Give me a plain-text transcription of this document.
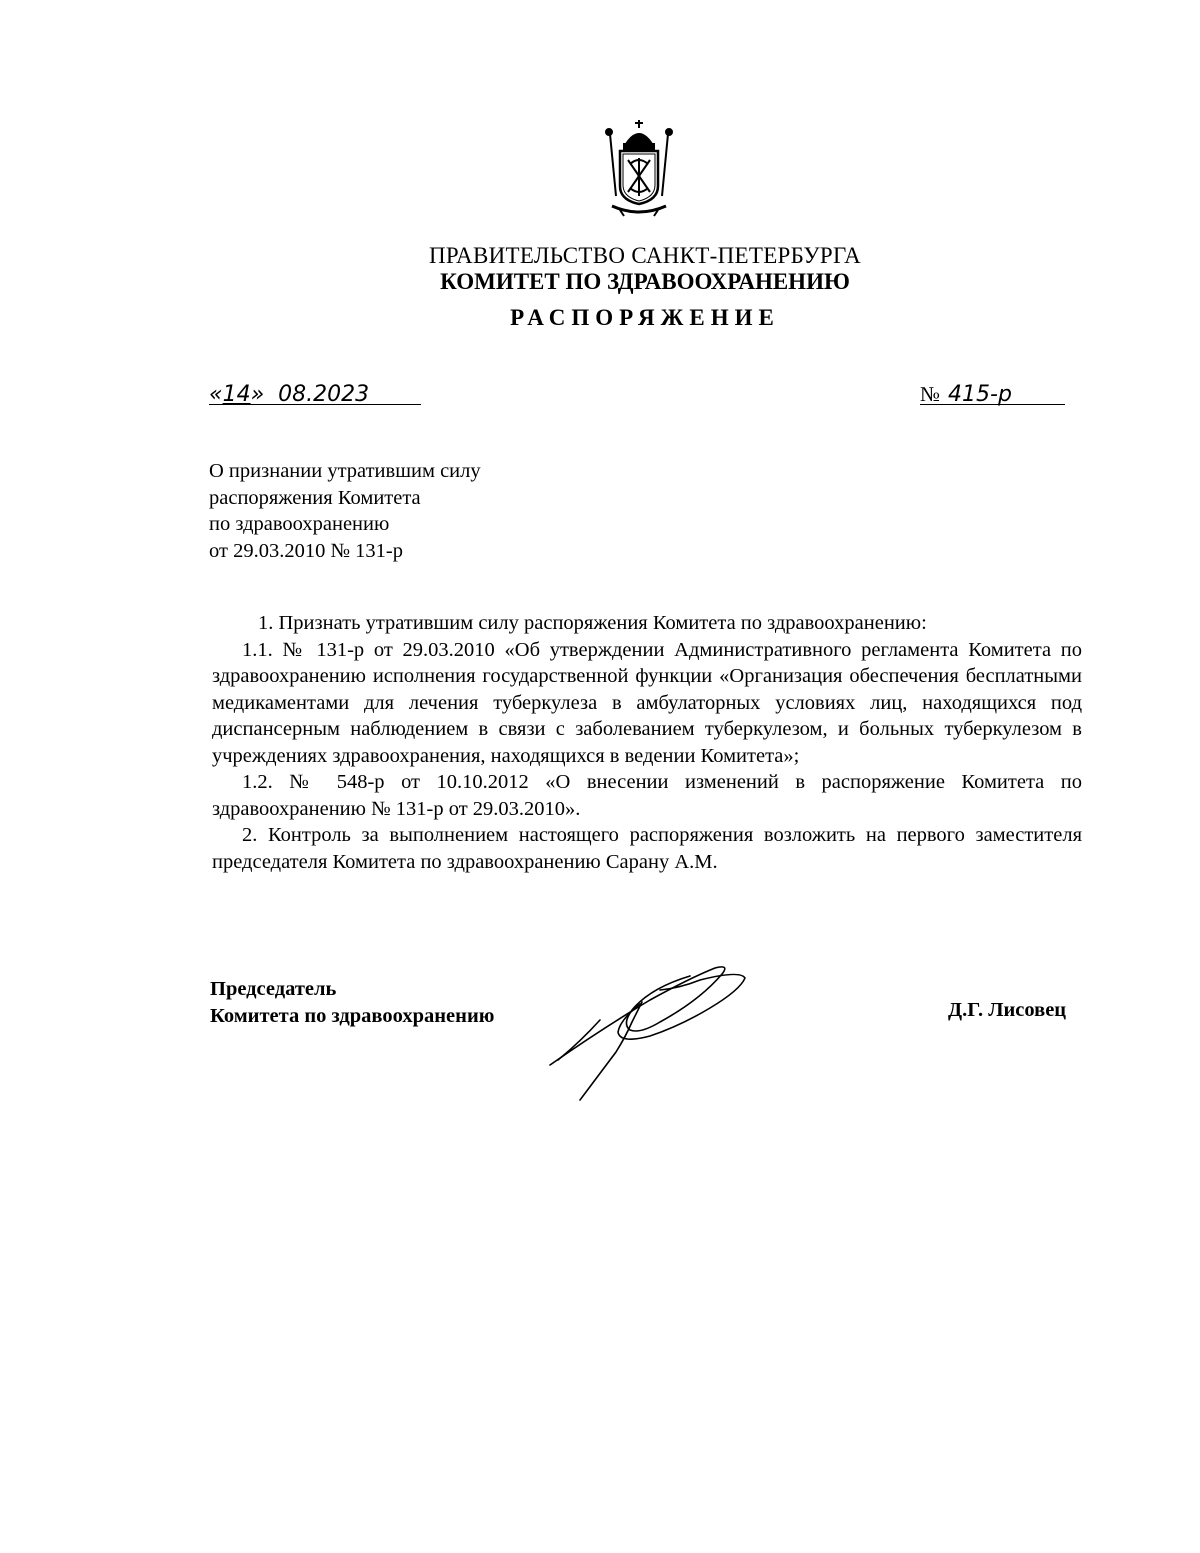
ПРАВИТЕЛЬСТВО САНКТ-ПЕТЕРБУРГА
КОМИТЕТ ПО ЗДРАВООХРАНЕНИЮ
РАСПОРЯЖЕНИЕ
«14» 08.2023	№ 415-р
О признании утратившим силу
распоряжения Комитета
по здравоохранению
от 29.03.2010 № 131-р

1. Признать утратившим силу распоряжения Комитета по здравоохранению:

1.1. № 131-р от 29.03.2010 «Об утверждении Административного регламента Комитета по здравоохранению исполнения государственной функции «Организация обеспечения бесплатными медикаментами для лечения туберкулеза в амбулаторных условиях лиц, находящихся под диспансерным наблюдением в связи с заболеванием туберкулезом, и больных туберкулезом в учреждениях здравоохранения, находящихся в ведении Комитета»;

1.2. № 548-р от 10.10.2012 «О внесении изменений в распоряжение Комитета по здравоохранению № 131-р от 29.03.2010».

2. Контроль за выполнением настоящего распоряжения возложить на первого заместителя председателя Комитета по здравоохранению Сарану А.М.

Председатель
Комитета по здравоохранению	Д.Г. Лисовец
